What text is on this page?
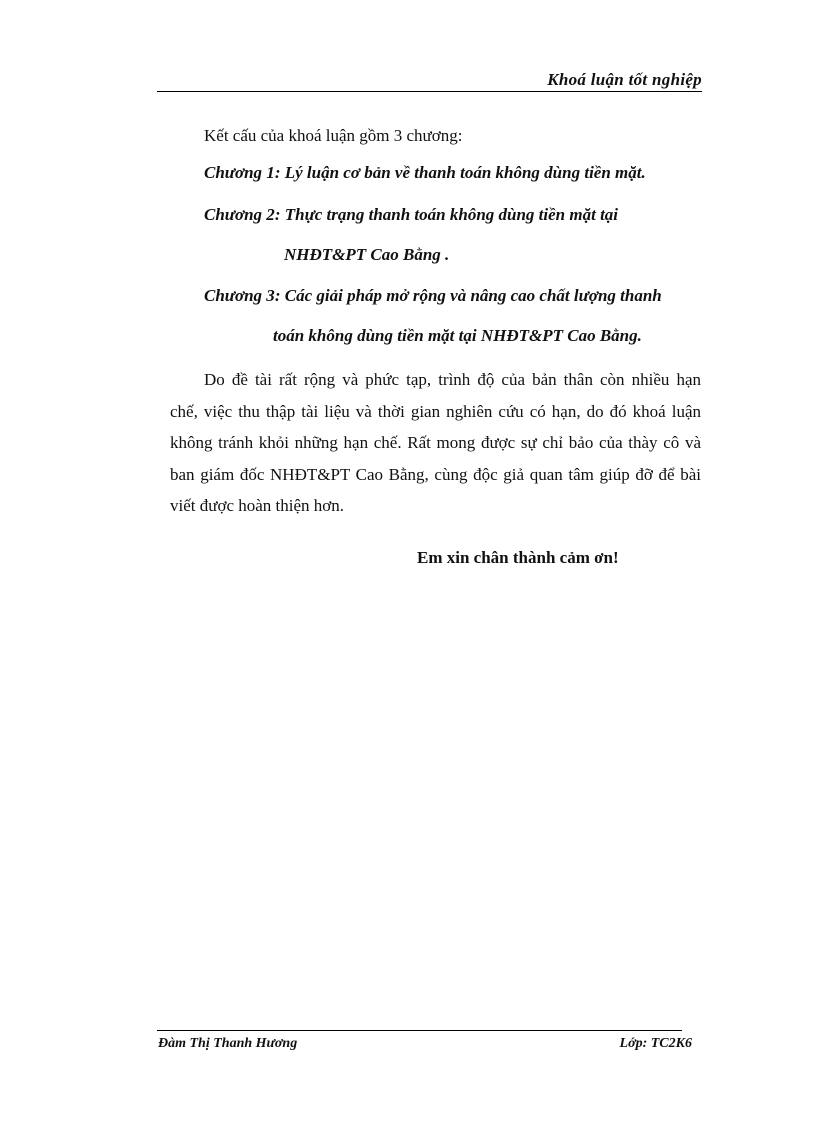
Khoá luận tốt nghiệp
Kết cấu của khoá luận gồm 3 chương:
Chương 1: Lý luận cơ bản về thanh toán không dùng tiền mặt.
Chương 2: Thực trạng thanh toán không dùng tiền mặt tại
NHĐT&PT Cao Bằng .
Chương 3: Các giải pháp mở rộng và nâng cao chất lượng thanh
toán không dùng tiền mặt tại NHĐT&PT Cao Bằng.
Do đề tài rất rộng và phức tạp, trình độ của bản thân còn nhiều hạn
chế, việc thu thập tài liệu và thời gian nghiên cứu có hạn, do đó khoá luận
không tránh khỏi những hạn chế. Rất mong được sự chỉ bảo của thày cô và
ban giám đốc NHĐT&PT Cao Bằng, cùng độc giả quan tâm giúp đỡ để bài
viết được hoàn thiện hơn.
Em xin chân thành cảm ơn!
Đàm Thị Thanh Hương	Lớp: TC2K6
